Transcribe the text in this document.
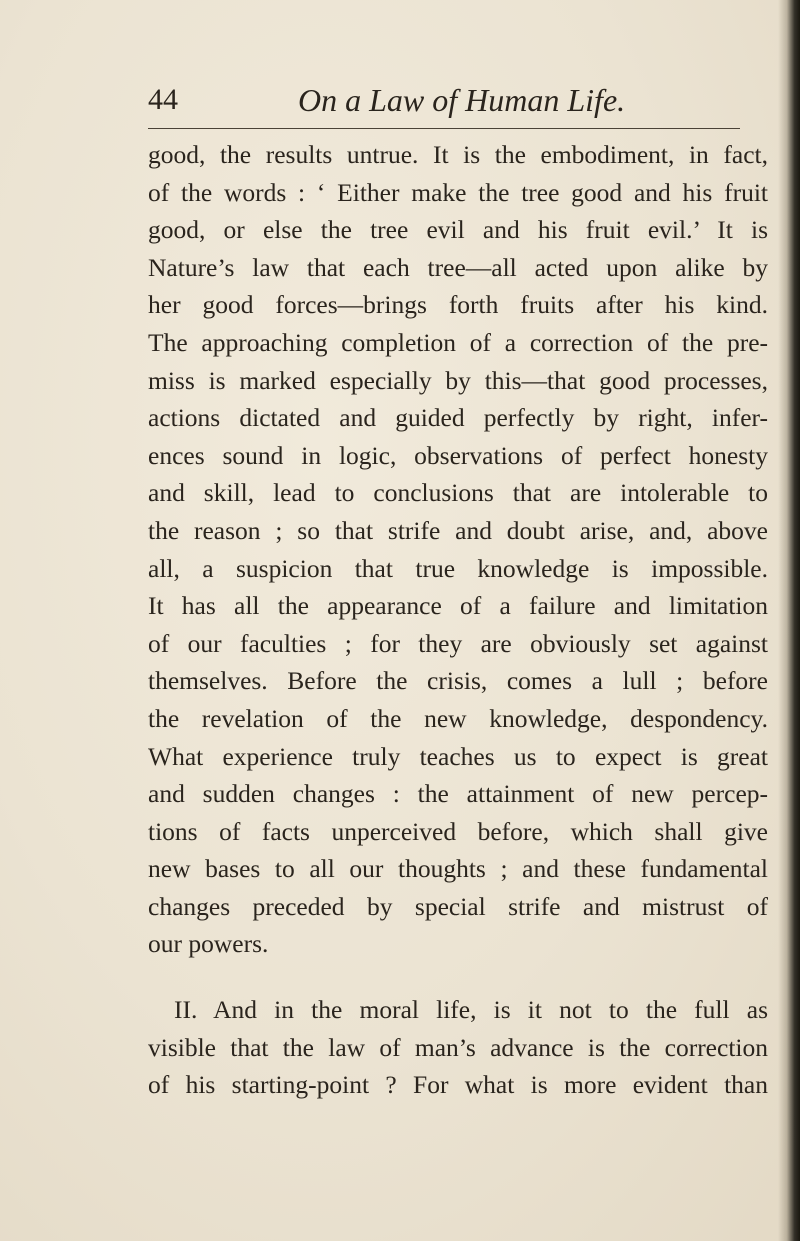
44	On a Law of Human Life.
good, the results untrue. It is the embodiment, in fact,
of the words : ‘ Either make the tree good and his fruit
good, or else the tree evil and his fruit evil.’ It is
Nature’s law that each tree—all acted upon alike by
her good forces—brings forth fruits after his kind.
The approaching completion of a correction of the pre-
miss is marked especially by this—that good processes,
actions dictated and guided perfectly by right, infer-
ences sound in logic, observations of perfect honesty
and skill, lead to conclusions that are intolerable to
the reason ; so that strife and doubt arise, and, above
all, a suspicion that true knowledge is impossible.
It has all the appearance of a failure and limitation
of our faculties ; for they are obviously set against
themselves. Before the crisis, comes a lull ; before
the revelation of the new knowledge, despondency.
What experience truly teaches us to expect is great
and sudden changes : the attainment of new percep-
tions of facts unperceived before, which shall give
new bases to all our thoughts ; and these fundamental
changes preceded by special strife and mistrust of
our powers.
II. And in the moral life, is it not to the full as
visible that the law of man’s advance is the correction
of his starting-point ? For what is more evident than
